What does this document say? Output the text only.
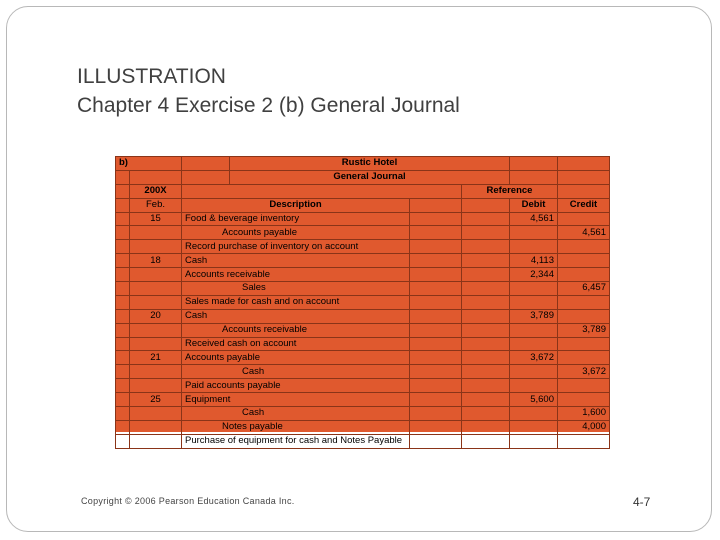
ILLUSTRATION
Chapter 4 Exercise 2 (b) General Journal
b)			Rustic Hotel				
			General Journal				
	200X				Reference		
	Feb.	Description				Debit	Credit
	15	Food & beverage inventory				4,561	
		Accounts payable					4,561
		Record purchase of inventory on account					
	18	Cash				4,113	
		Accounts receivable				2,344	
		Sales					6,457
		Sales made for cash and on account					
	20	Cash				3,789	
		Accounts receivable					3,789
		Received cash on account					
	21	Accounts payable				3,672	
		Cash					3,672
		Paid accounts payable					
	25	Equipment				5,600	
		Cash					1,600
		Notes payable					4,000
		Purchase of equipment for cash and Notes Payable					
Copyright © 2006 Pearson Education Canada Inc.	4-7
